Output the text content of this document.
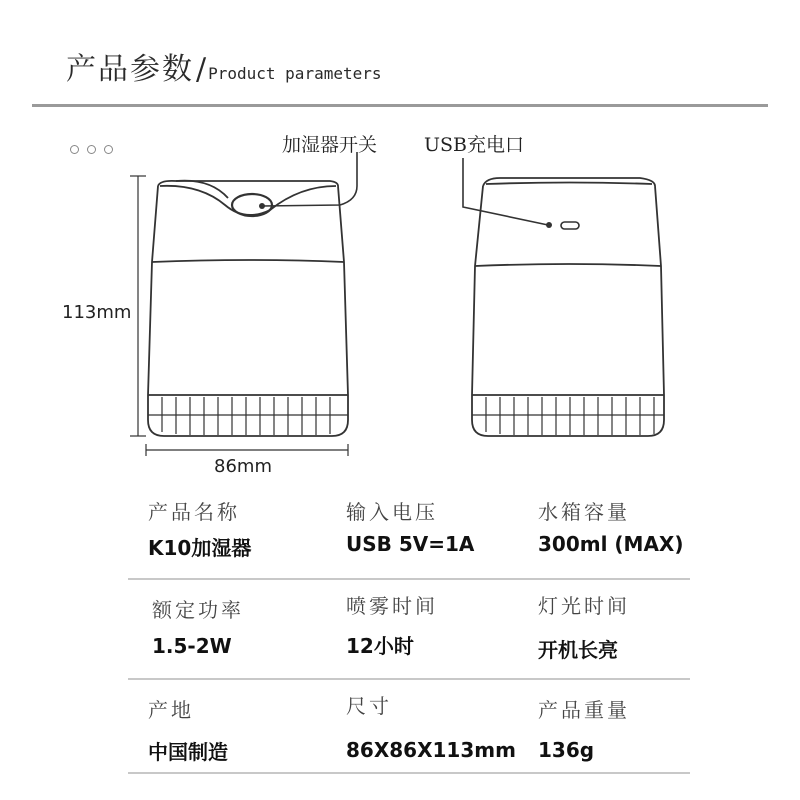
产品参数 / Product parameters
加湿器开关 USB充电口
113mm
86mm
产品名称
K10加湿器
输入电压
USB 5V=1A
水箱容量
300ml (MAX)
额定功率
1.5-2W
喷雾时间
12小时
灯光时间
开机长亮
产地
中国制造
尺寸
86X86X113mm
产品重量
136g
